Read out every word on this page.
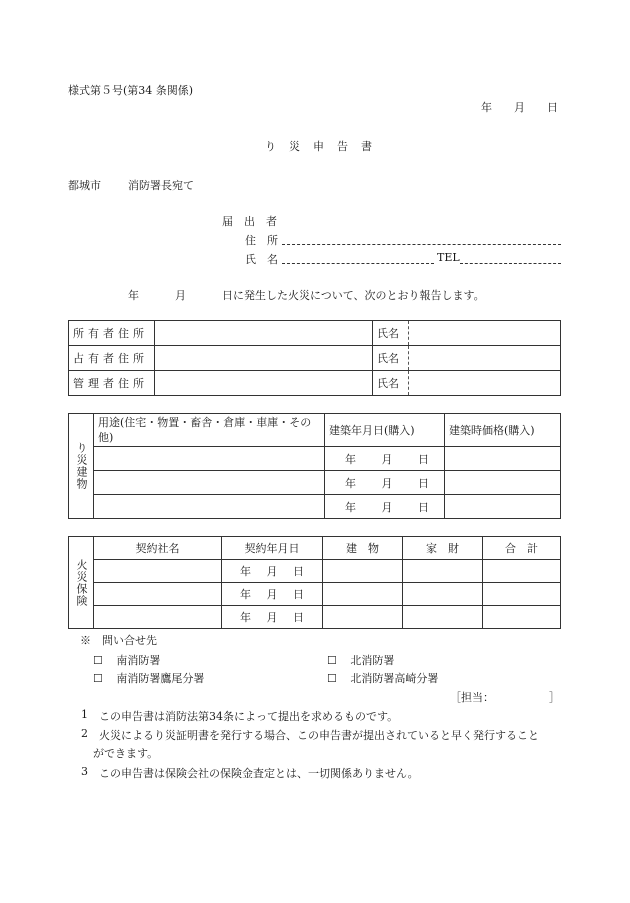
様式第５号(第34 条関係)
年 月 日
り　災　申　告　書
都城市 消防署長宛て
届　出　者
住　所
氏　名	TEL
年	月	日に発生した火災について、次のとおり報告します。
所有者住所		氏名	
占有者住所		氏名	
管理者住所		氏名	
り災建物	用途(住宅・物置・畜舎・倉庫・車庫・その他)	建築年月日(購入)	建築時価格(購入)
		年 月 日	
		年 月 日	
		年 月 日	
火災保険	契約社名	契約年月日	建　物	家　財	合　計
		年 月 日			
		年 月 日			
		年 月 日			
※　問い合せ先
☐ 南消防署	☐ 北消防署
☐ 南消防署鷹尾分署	☐ 北消防署高崎分署
［担当：	］
1 この申告書は消防法第34条によって提出を求めるものです。
2 火災によるり災証明書を発行する場合、この申告書が提出されていると早く発行すること
ができます。
3 この申告書は保険会社の保険金査定とは、一切関係ありません。
